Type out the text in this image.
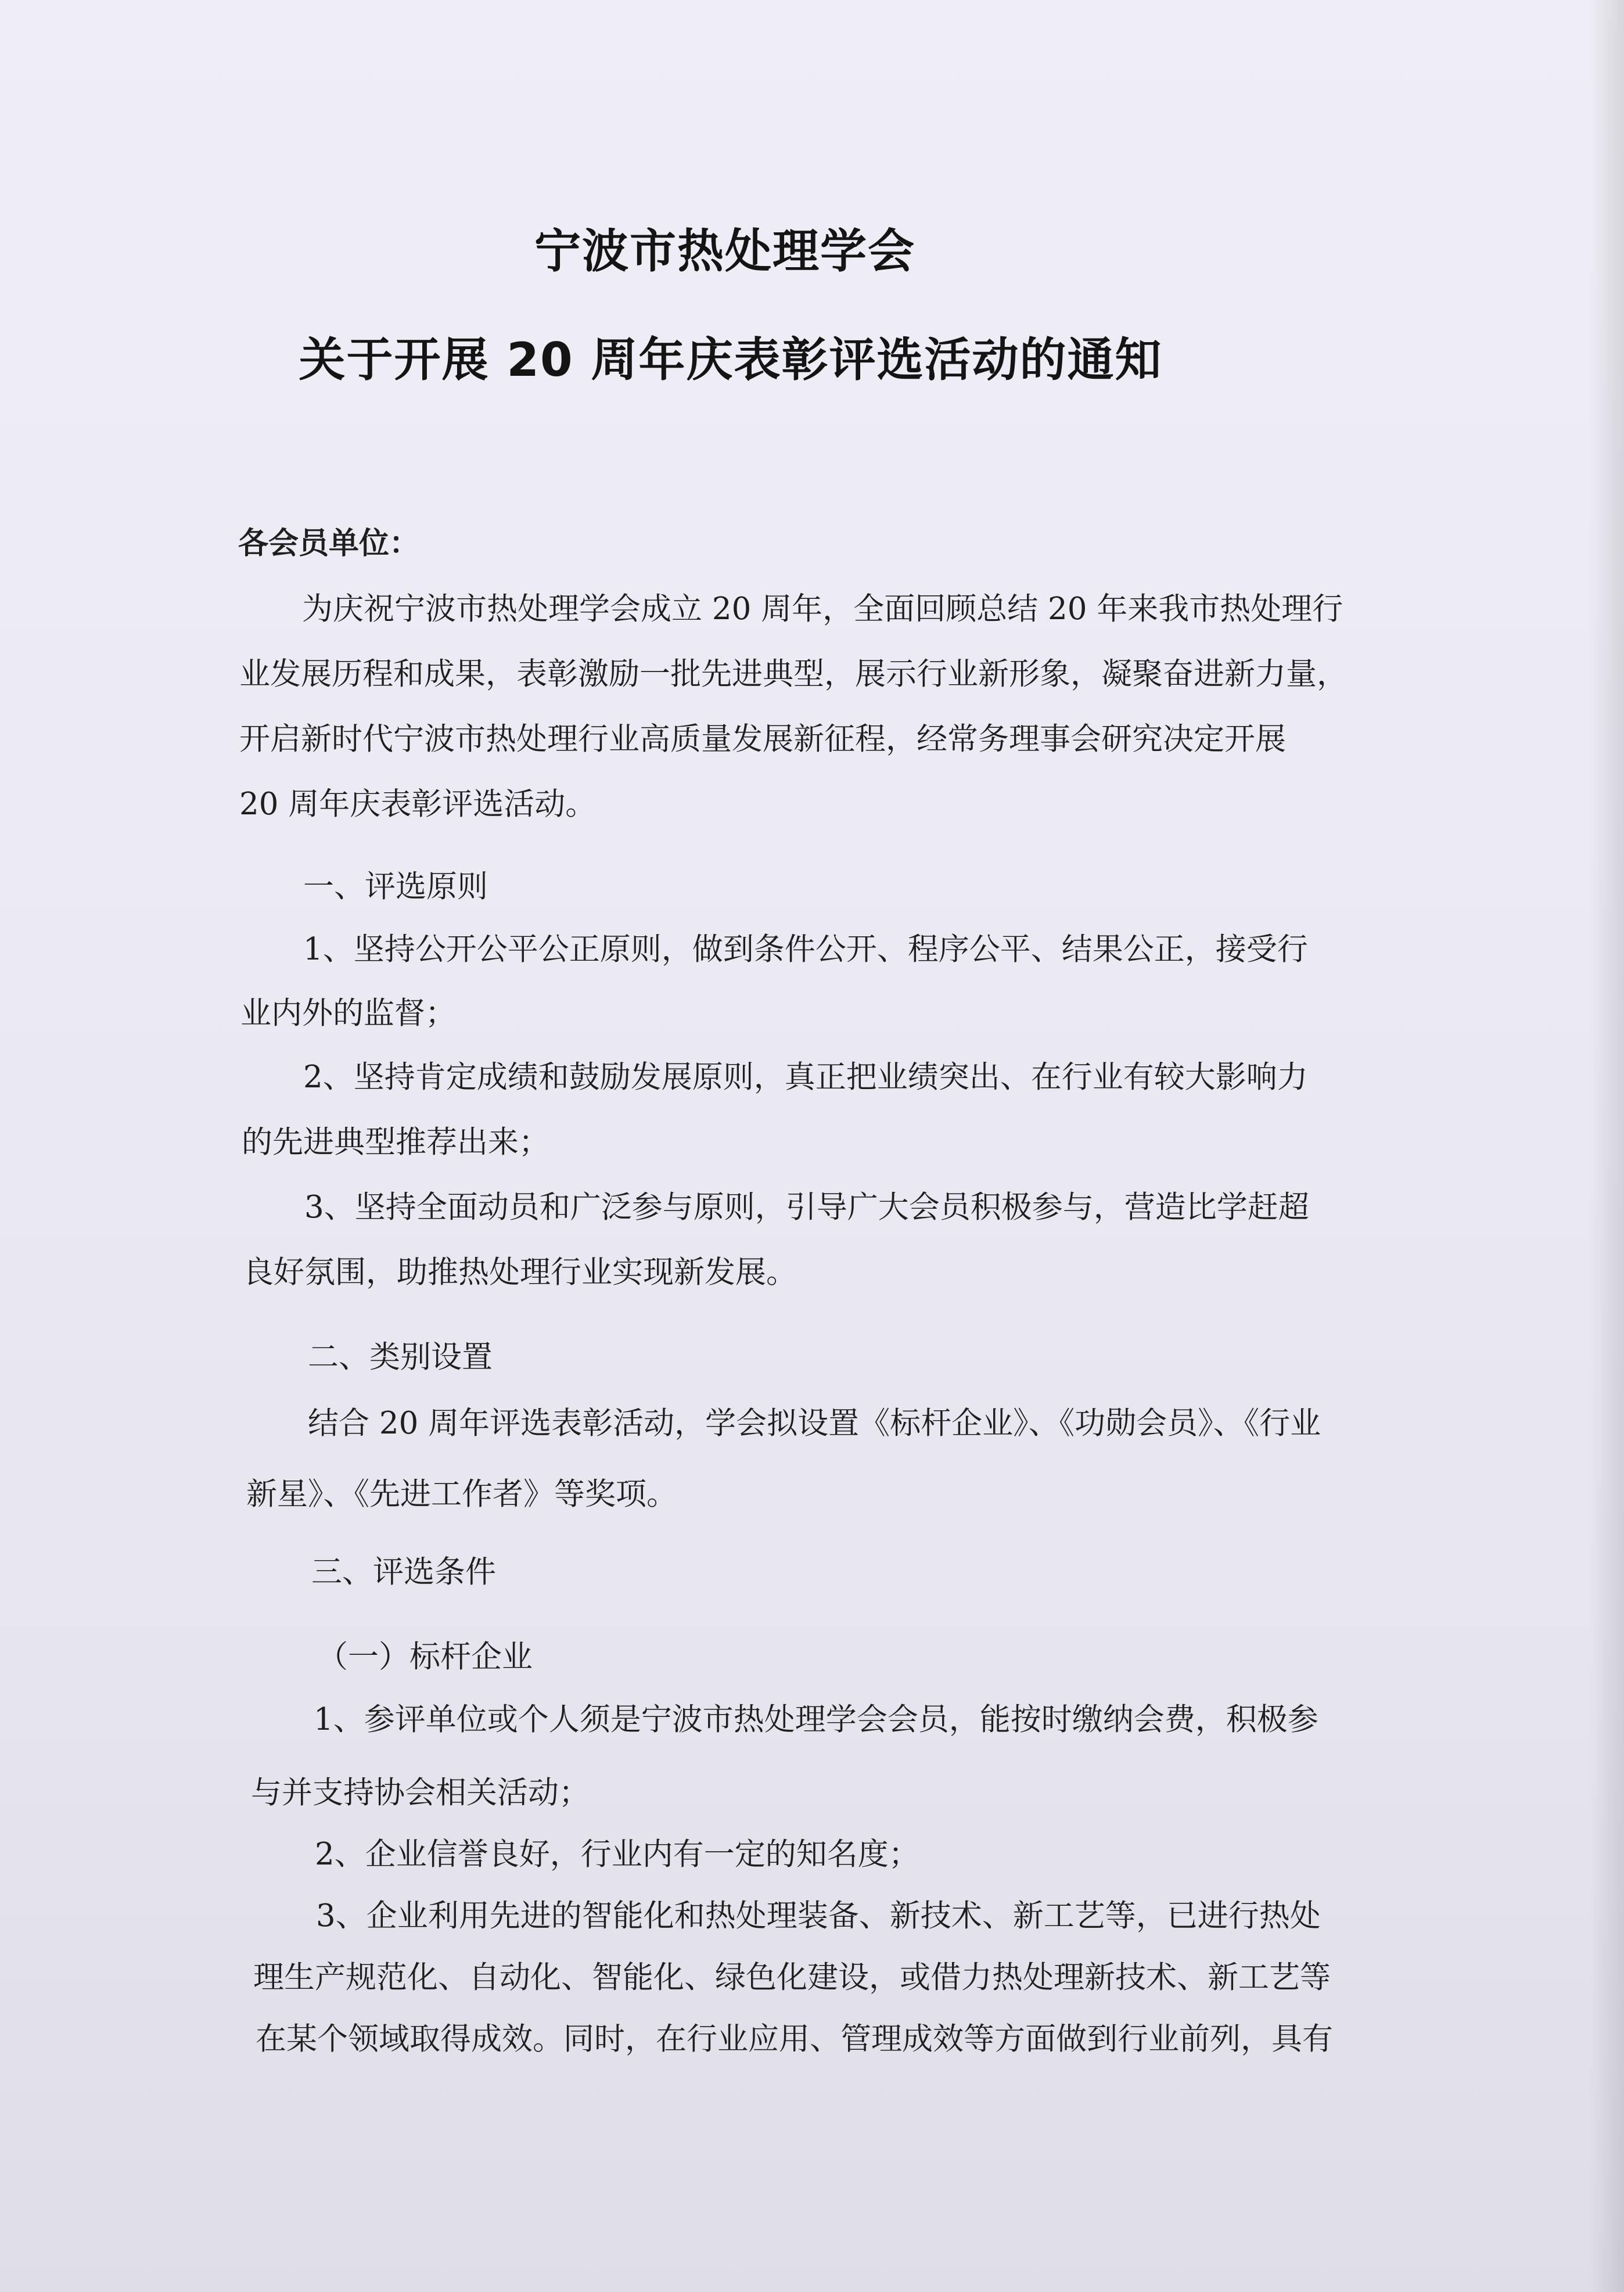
宁波市热处理学会
关于开展 20 周年庆表彰评选活动的通知

各会员单位：

为庆祝宁波市热处理学会成立 20 周年，全面回顾总结 20 年来我市热处理行

业发展历程和成果，表彰激励一批先进典型，展示行业新形象，凝聚奋进新力量，

开启新时代宁波市热处理行业高质量发展新征程，经常务理事会研究决定开展

20 周年庆表彰评选活动。

一、评选原则

1、坚持公开公平公正原则，做到条件公开、程序公平、结果公正，接受行

业内外的监督；

2、坚持肯定成绩和鼓励发展原则，真正把业绩突出、在行业有较大影响力

的先进典型推荐出来；

3、坚持全面动员和广泛参与原则，引导广大会员积极参与，营造比学赶超

良好氛围，助推热处理行业实现新发展。

二、类别设置

结合 20 周年评选表彰活动，学会拟设置《标杆企业》、《功勋会员》、《行业

新星》、《先进工作者》等奖项。

三、评选条件

（一）标杆企业

1、参评单位或个人须是宁波市热处理学会会员，能按时缴纳会费，积极参

与并支持协会相关活动；

2、企业信誉良好，行业内有一定的知名度；

3、企业利用先进的智能化和热处理装备、新技术、新工艺等，已进行热处

理生产规范化、自动化、智能化、绿色化建设，或借力热处理新技术、新工艺等

在某个领域取得成效。同时，在行业应用、管理成效等方面做到行业前列，具有
